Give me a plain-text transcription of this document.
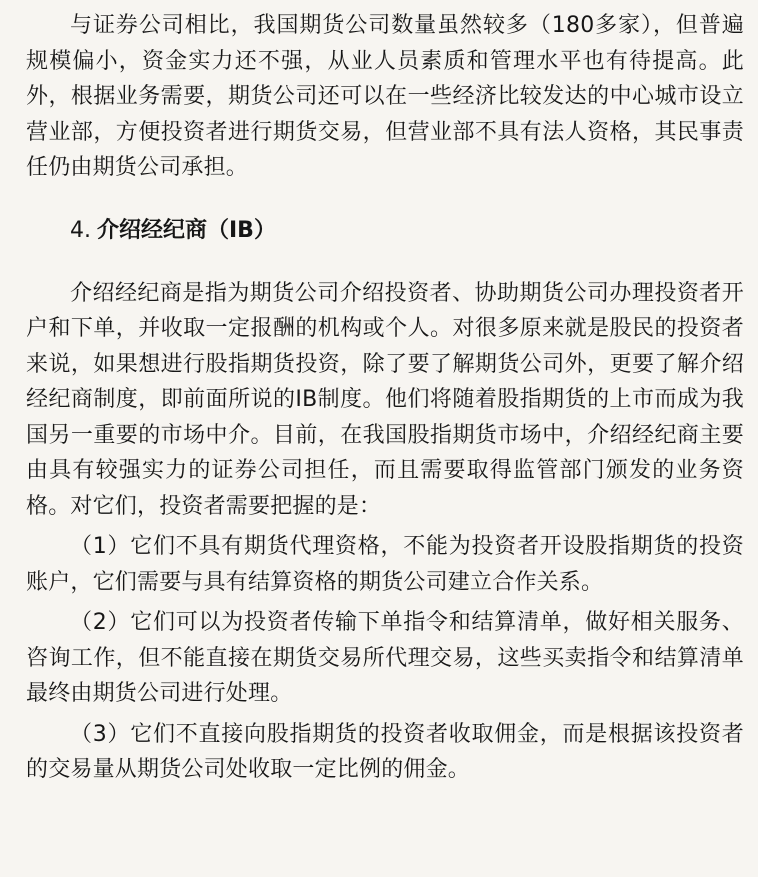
与证券公司相比，我国期货公司数量虽然较多（180多家），但普遍规模偏小，资金实力还不强，从业人员素质和管理水平也有待提高。此外，根据业务需要，期货公司还可以在一些经济比较发达的中心城市设立营业部，方便投资者进行期货交易，但营业部不具有法人资格，其民事责任仍由期货公司承担。

4. 介绍经纪商（IB）

介绍经纪商是指为期货公司介绍投资者、协助期货公司办理投资者开户和下单，并收取一定报酬的机构或个人。对很多原来就是股民的投资者来说，如果想进行股指期货投资，除了要了解期货公司外，更要了解介绍经纪商制度，即前面所说的IB制度。他们将随着股指期货的上市而成为我国另一重要的市场中介。目前，在我国股指期货市场中，介绍经纪商主要由具有较强实力的证券公司担任，而且需要取得监管部门颁发的业务资格。对它们，投资者需要把握的是：

（1）它们不具有期货代理资格，不能为投资者开设股指期货的投资账户，它们需要与具有结算资格的期货公司建立合作关系。

（2）它们可以为投资者传输下单指令和结算清单，做好相关服务、咨询工作，但不能直接在期货交易所代理交易，这些买卖指令和结算清单最终由期货公司进行处理。

（3）它们不直接向股指期货的投资者收取佣金，而是根据该投资者的交易量从期货公司处收取一定比例的佣金。
